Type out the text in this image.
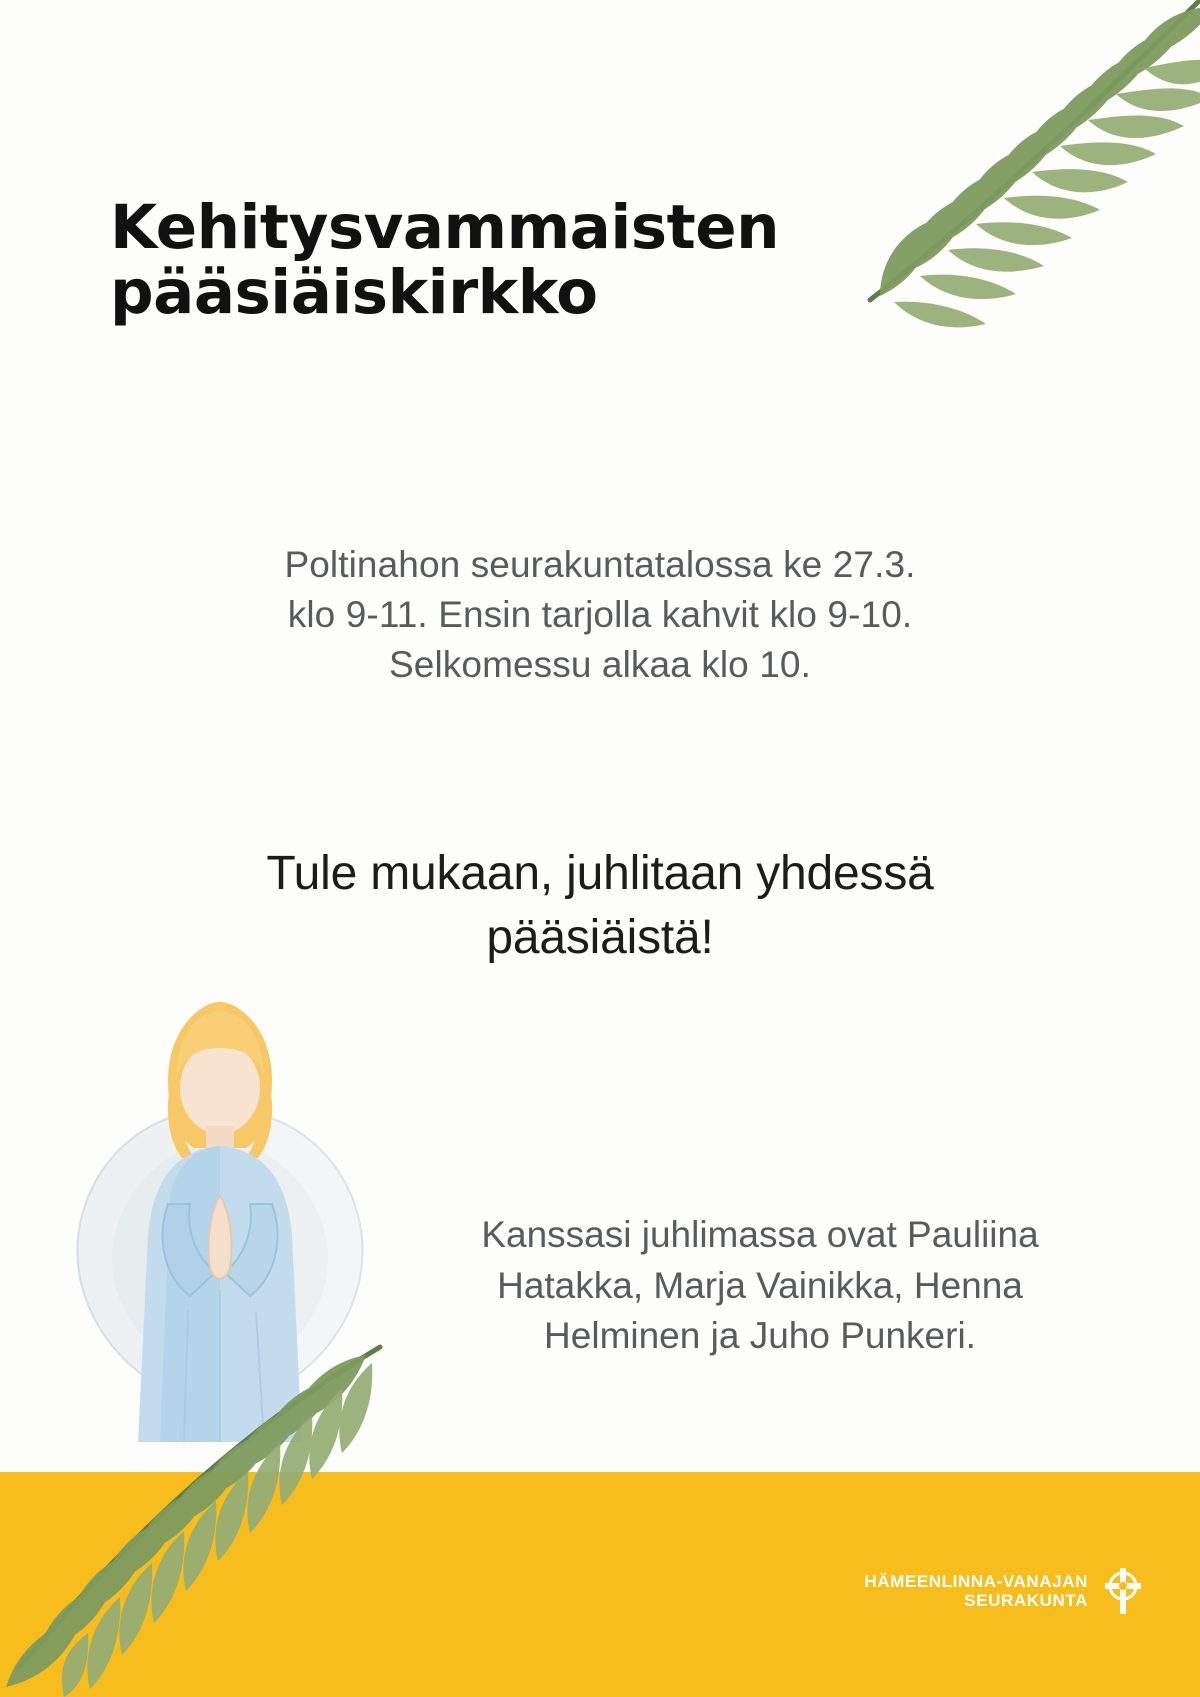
Kehitysvammaisten
pääsiäiskirkko

Poltinahon seurakuntatalossa ke 27.3.

klo 9-11. Ensin tarjolla kahvit klo 9-10.

Selkomessu alkaa klo 10.

Tule mukaan, juhlitaan yhdessä

pääsiäistä!

Kanssasi juhlimassa ovat Pauliina

Hatakka, Marja Vainikka, Henna

Helminen ja Juho Punkeri.

HÄMEENLINNA-VANAJAN
SEURAKUNTA
